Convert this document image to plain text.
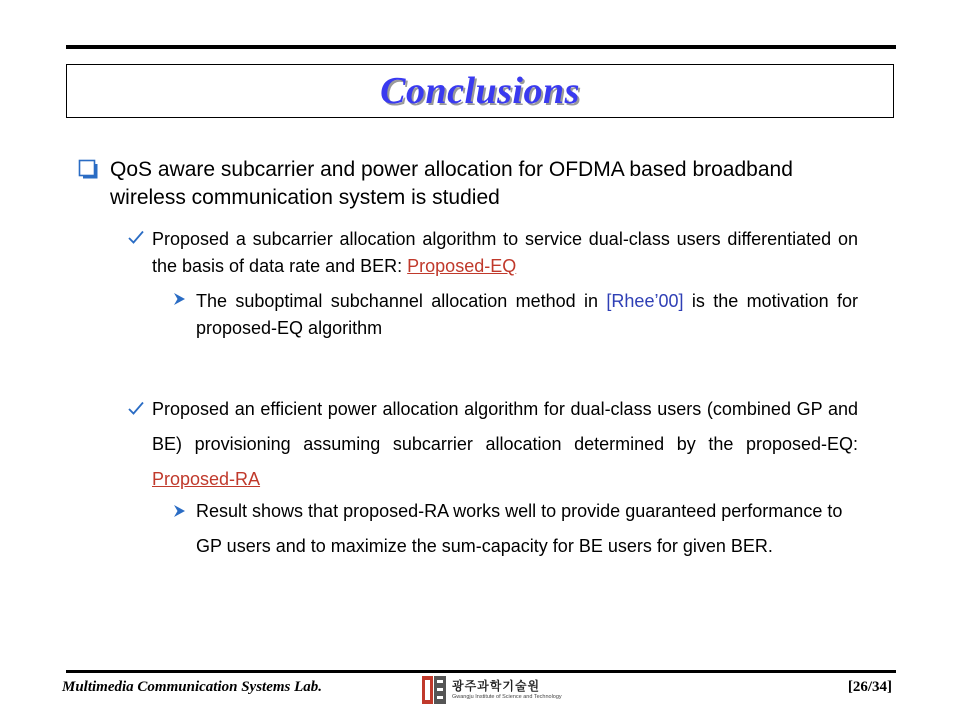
Conclusions
QoS aware subcarrier and power allocation for OFDMA based broadband wireless communication system is studied
Proposed a subcarrier allocation algorithm to service dual-class users differentiated on the basis of data rate and BER: Proposed-EQ
The suboptimal subchannel allocation method in [Rhee’00] is the motivation for proposed-EQ algorithm
Proposed an efficient power allocation algorithm for dual-class users (combined GP and BE) provisioning assuming subcarrier allocation determined by the proposed-EQ: Proposed-RA
Result shows that proposed-RA works well to provide guaranteed performance to GP users and to maximize the sum-capacity for BE users for given BER.
Multimedia Communication Systems Lab.	광주과학기술원
Gwangju Institute of Science and Technology
[26/34]
